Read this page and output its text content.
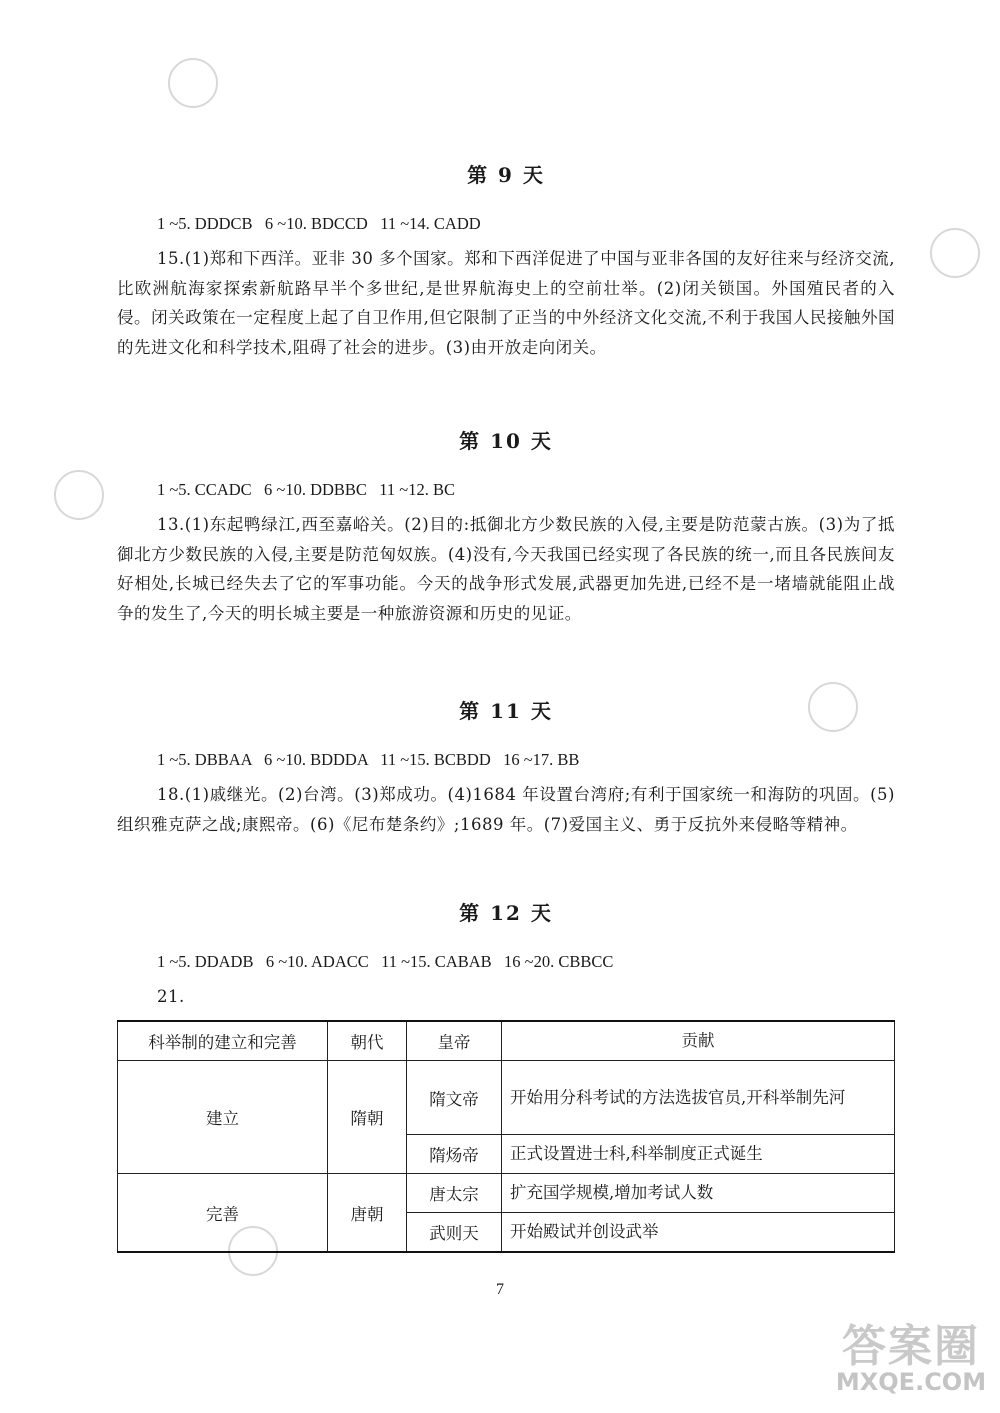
第 9 天
1 ~5. DDDCB   6 ~10. BDCCD   11 ~14. CADD
15.(1)郑和下西洋。亚非 30 多个国家。郑和下西洋促进了中国与亚非各国的友好往来与经济交流,比欧洲航海家探索新航路早半个多世纪,是世界航海史上的空前壮举。(2)闭关锁国。外国殖民者的入侵。闭关政策在一定程度上起了自卫作用,但它限制了正当的中外经济文化交流,不利于我国人民接触外国的先进文化和科学技术,阻碍了社会的进步。(3)由开放走向闭关。
第 10 天
1 ~5. CCADC   6 ~10. DDBBC   11 ~12. BC
13.(1)东起鸭绿江,西至嘉峪关。(2)目的:抵御北方少数民族的入侵,主要是防范蒙古族。(3)为了抵御北方少数民族的入侵,主要是防范匈奴族。(4)没有,今天我国已经实现了各民族的统一,而且各民族间友好相处,长城已经失去了它的军事功能。今天的战争形式发展,武器更加先进,已经不是一堵墙就能阻止战争的发生了,今天的明长城主要是一种旅游资源和历史的见证。
第 11 天
1 ~5. DBBAA   6 ~10. BDDDA   11 ~15. BCBDD   16 ~17. BB
18.(1)戚继光。(2)台湾。(3)郑成功。(4)1684 年设置台湾府;有利于国家统一和海防的巩固。(5)组织雅克萨之战;康熙帝。(6)《尼布楚条约》;1689 年。(7)爱国主义、勇于反抗外来侵略等精神。
第 12 天
1 ~5. DDADB   6 ~10. ADACC   11 ~15. CABAB   16 ~20. CBBCC
21.
科举制的建立和完善	朝代	皇帝	贡献
建立	隋朝	隋文帝	开始用分科考试的方法选拔官员,开科举制先河
		隋炀帝	正式设置进士科,科举制度正式诞生
完善	唐朝	唐太宗	扩充国学规模,增加考试人数
		武则天	开始殿试并创设武举
7
答案圈
MXQE.COM
